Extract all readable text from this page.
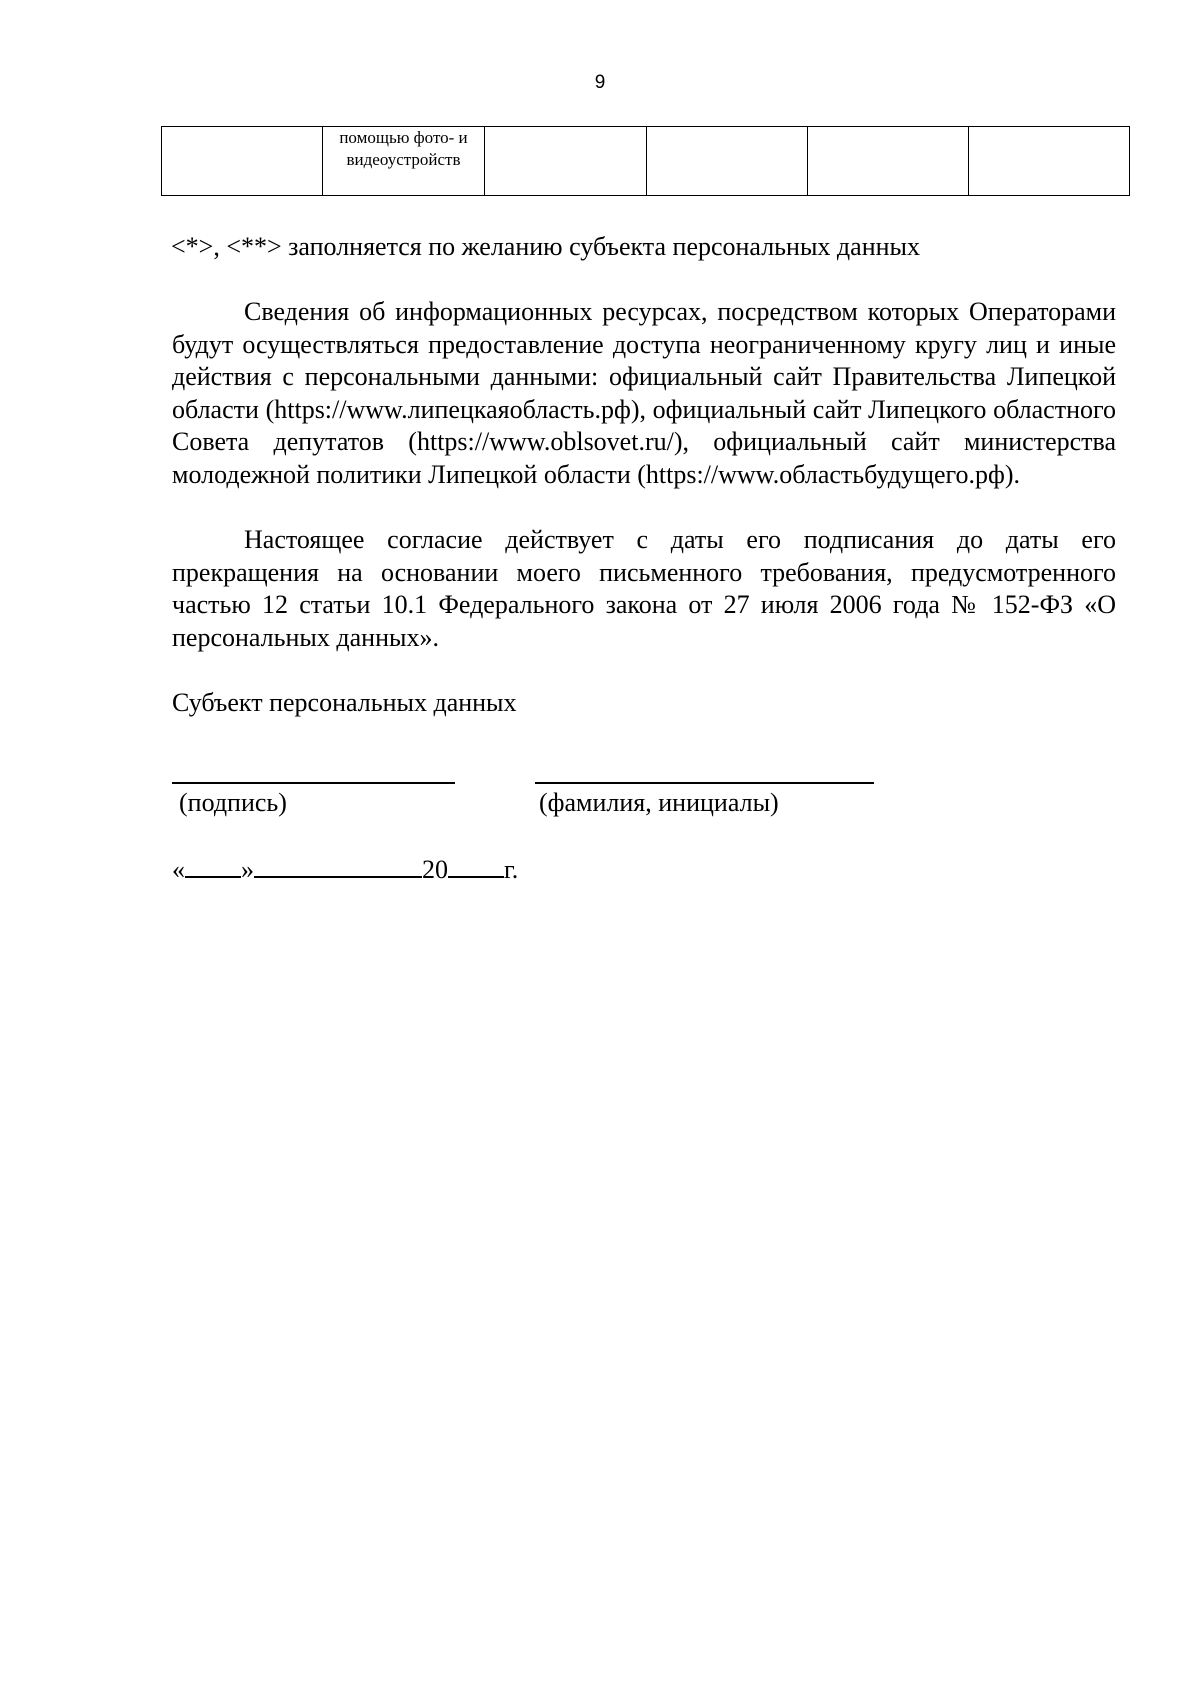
9
	помощью фото- и видеоустройств				
<*>, <**> заполняется по желанию субъекта персональных данных

Сведения об информационных ресурсах, посредством которых Операторами будут осуществляться предоставление доступа неограниченному кругу лиц и иные действия с персональными данными: официальный сайт Правительства Липецкой области (https://www.липецкаяобласть.рф), официальный сайт Липецкого областного Совета депутатов (https://www.oblsovet.ru/), официальный сайт министерства молодежной политики Липецкой области (https://www.областьбудущего.рф).

Настоящее согласие действует с даты его подписания до даты его прекращения на основании моего письменного требования, предусмотренного частью 12 статьи 10.1 Федерального закона от 27 июля 2006 года № 152-ФЗ «О персональных данных».

Субъект персональных данных
(подпись)	(фамилия, инициалы)
« »	20 г.
